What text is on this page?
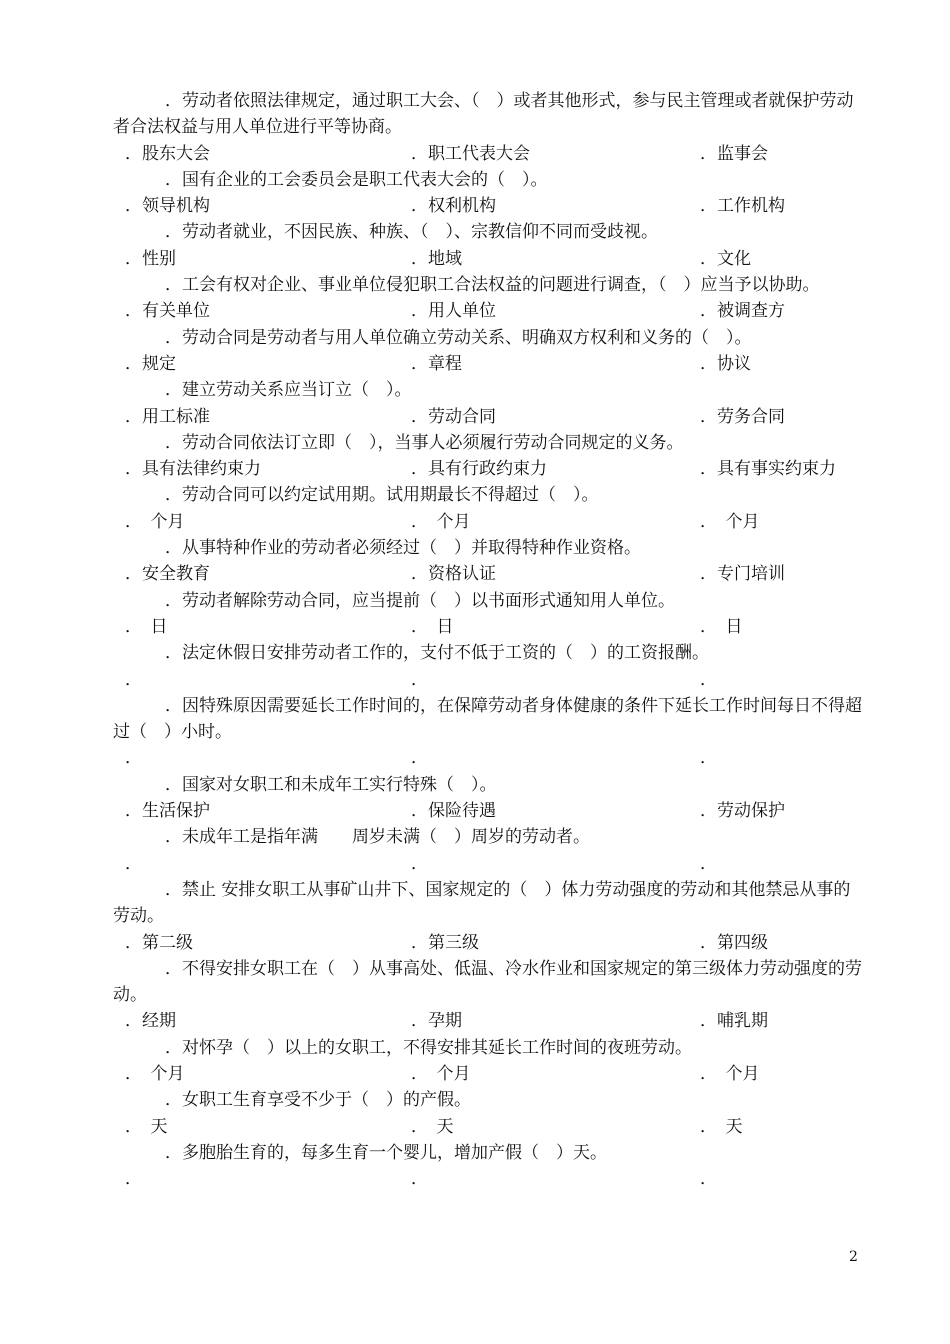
．劳动者依照法律规定，通过职工大会、（　）或者其他形式，参与民主管理或者就保护劳动者合法权益与用人单位进行平等协商。

．股东大会	．职工代表大会	．监事会

．国有企业的工会委员会是职工代表大会的（　）。

．领导机构	．权利机构	．工作机构

．劳动者就业，不因民族、种族、（　）、宗教信仰不同而受歧视。

．性别	．地域	．文化

．工会有权对企业、事业单位侵犯职工合法权益的问题进行调查，（　）应当予以协助。

．有关单位	．用人单位	．被调查方

．劳动合同是劳动者与用人单位确立劳动关系、明确双方权利和义务的（　）。

．规定	．章程	．协议

．建立劳动关系应当订立（　）。

．用工标准	．劳动合同	．劳务合同

．劳动合同依法订立即（　），当事人必须履行劳动合同规定的义务。

．具有法律约束力	．具有行政约束力	．具有事实约束力

．劳动合同可以约定试用期。试用期最长不得超过（　）。

．　个月	．　个月	．　个月

．从事特种作业的劳动者必须经过（　）并取得特种作业资格。

．安全教育	．资格认证	．专门培训

．劳动者解除劳动合同，应当提前（　）以书面形式通知用人单位。

．　日	．　日	．　日

．法定休假日安排劳动者工作的，支付不低于工资的（　）的工资报酬。

．	．	．

．因特殊原因需要延长工作时间的，在保障劳动者身体健康的条件下延长工作时间每日不得超过（　）小时。

．	．	．

．国家对女职工和未成年工实行特殊（　）。

．生活保护	．保险待遇	．劳动保护

．未成年工是指年满　　周岁未满（　）周岁的劳动者。

．	．	．

．禁止 安排女职工从事矿山井下、国家规定的（　）体力劳动强度的劳动和其他禁忌从事的劳动。

．第二级	．第三级	．第四级

．不得安排女职工在（　）从事高处、低温、冷水作业和国家规定的第三级体力劳动强度的劳动。

．经期	．孕期	．哺乳期

．对怀孕（　）以上的女职工，不得安排其延长工作时间的夜班劳动。

．　个月	．　个月	．　个月

．女职工生育享受不少于（　）的产假。

．　天	．　天	．　天

．多胞胎生育的，每多生育一个婴儿，增加产假（　）天。

．	．	．
2
